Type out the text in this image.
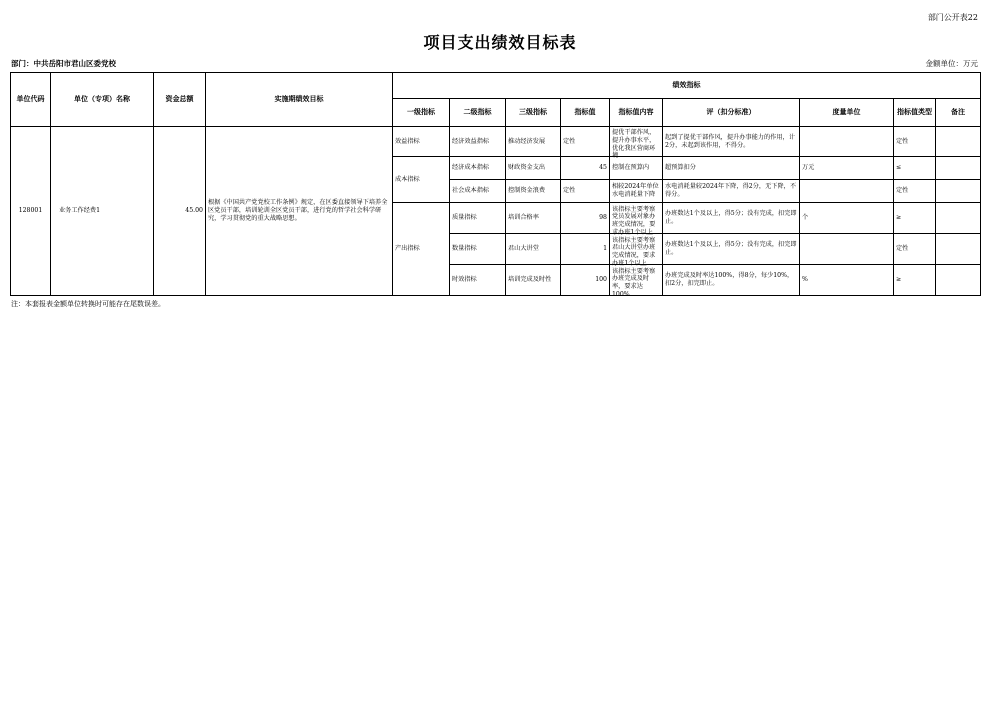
部门公开表22
项目支出绩效目标表
部门：中共岳阳市君山区委党校	金额单位：万元
单位代码	单位（专项）名称	资金总额	实施期绩效目标	绩效指标								
				一级指标	二级指标	三级指标	指标值	指标值内容	评（扣分标准）	度量单位	指标值类型	备注
128001	业务工作经费1	45.00	根据《中国共产党党校工作条例》规定，在区委直接领导下培养全区党员干部，培训轮训全区党员干部，进行党的哲学社会科学研究，学习贯彻党的重大战略思想。	效益指标	经济效益指标	推动经济发展	定性	提优干部作风，提升办事水平，优化我区营商环境	起到了提优干部作风，提升办事能力的作用，计2分，未起到该作用，不得分。		定性	
				成本指标	经济成本指标	财政资金支出	45	控制在预算内	超预算扣分	万元	≤	
					社会成本指标	控制资金浪费	定性	相较2024年单位水电消耗量下降	水电消耗量较2024年下降，得2分，无下降，不得分。		定性	
				产出指标	质量指标	培训合格率	98	该指标主要考察党员发展对象办班完成情况，要求办班1个以上	办班数达1个及以上，得5分；没有完成，扣完即止。	个	≥	
					数量指标	君山大讲堂	1	该指标主要考察君山大讲堂办班完成情况，要求办班1个以上	办班数达1个及以上，得5分；没有完成，扣完即止。		定性	
					时效指标	培训完成及时性	100	该指标主要考察办班完成及时率，要求达100%	办班完成及时率达100%，得8分，每少10%，扣2分，扣完即止。	%	≥	
注：本套报表金额单位转换时可能存在尾数误差。
